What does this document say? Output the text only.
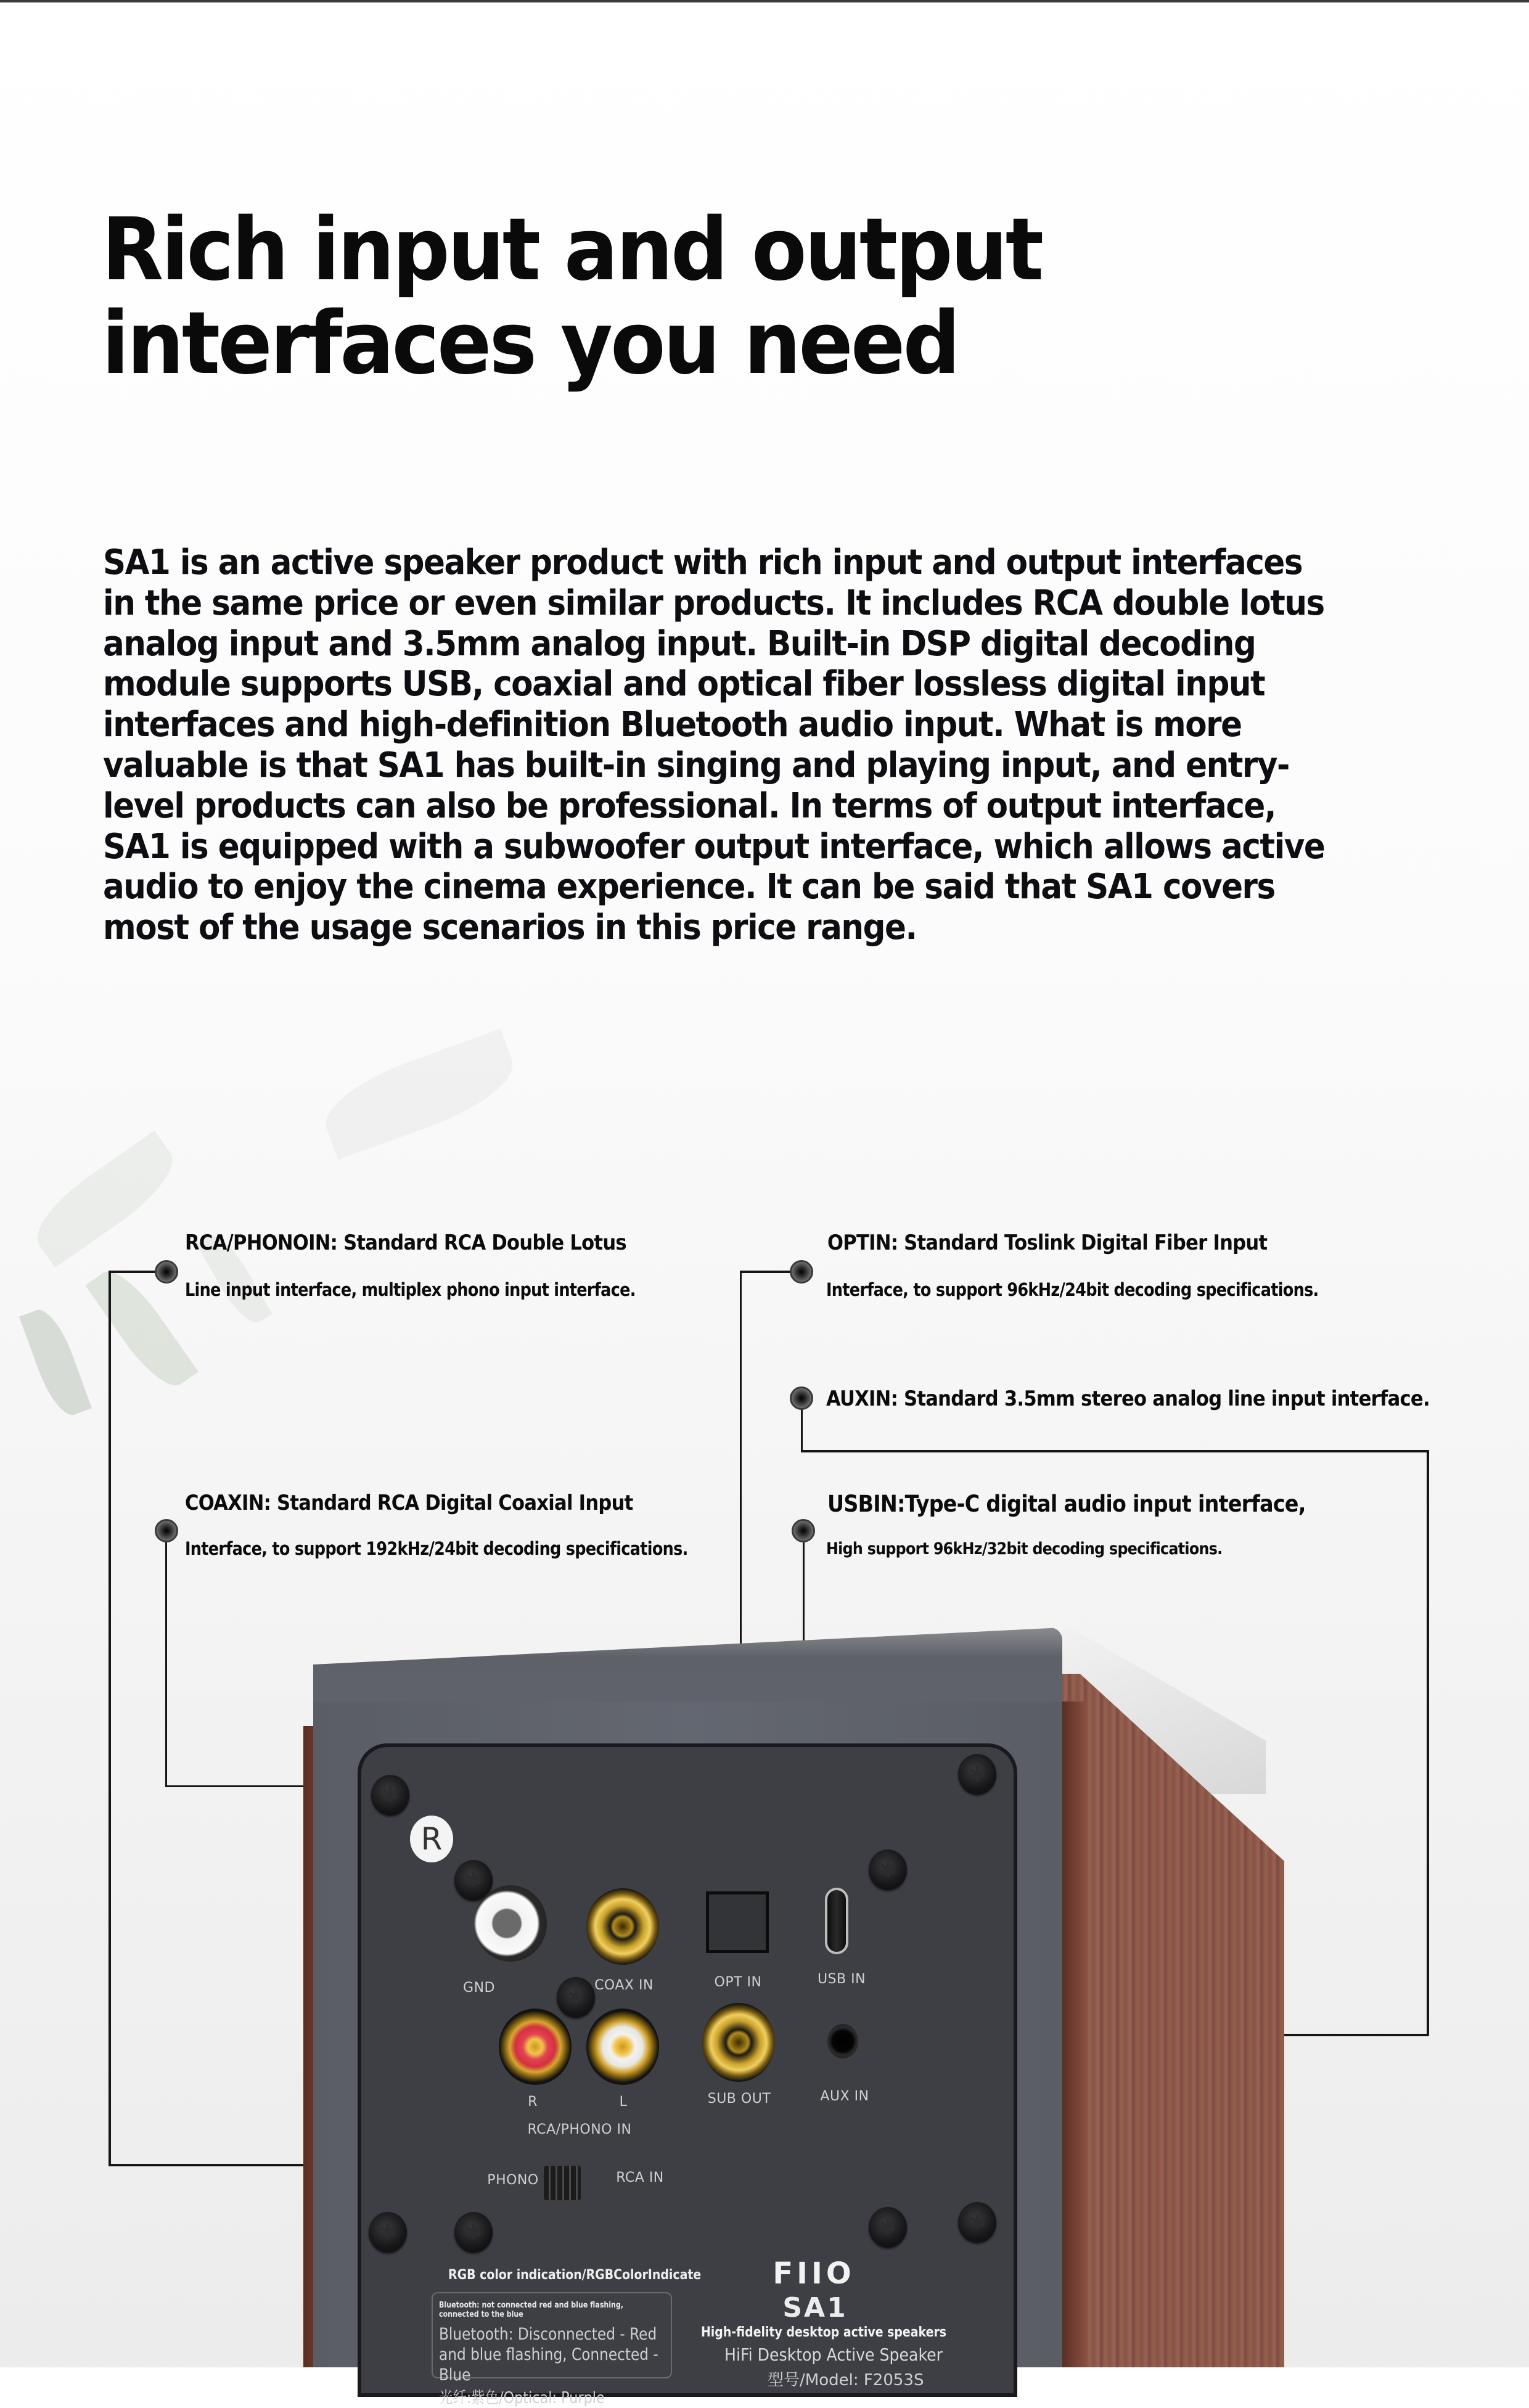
Rich input and output
interfaces you need

SA1 is an active speaker product with rich input and output interfaces in the same price or even similar products. It includes RCA double lotus analog input and 3.5mm analog input. Built-in DSP digital decoding module supports USB, coaxial and optical fiber lossless digital input interfaces and high-definition Bluetooth audio input. What is more valuable is that SA1 has built-in singing and playing input, and entry-level products can also be professional. In terms of output interface, SA1 is equipped with a subwoofer output interface, which allows active audio to enjoy the cinema experience. It can be said that SA1 covers most of the usage scenarios in this price range.

✱
✱
✱
✱
✱
✱	✱	✱	✱
R
GND	COAX IN	OPT IN	USB IN
R	L	SUB OUT	AUX IN
RCA/PHONO IN
PHONO	RCA IN
RGB color indication/RGBColorIndicate
Bluetooth: not connected red and blue flashing, connected to the blue
Bluetooth: Disconnected - Red and blue flashing, Connected - Blue
光纤:紫色/Optical: Purple
FIIO
SA1
High-fidelity desktop active speakers
HiFi Desktop Active Speaker
型号/Model: F2053S
RCA/PHONOIN: Standard RCA Double Lotus
Line input interface, multiplex phono input interface.
OPTIN: Standard Toslink Digital Fiber Input
Interface, to support 96kHz/24bit decoding specifications.
AUXIN: Standard 3.5mm stereo analog line input interface.
COAXIN: Standard RCA Digital Coaxial Input
Interface, to support 192kHz/24bit decoding specifications.
USBIN:Type-C digital audio input interface,
High support 96kHz/32bit decoding specifications.
